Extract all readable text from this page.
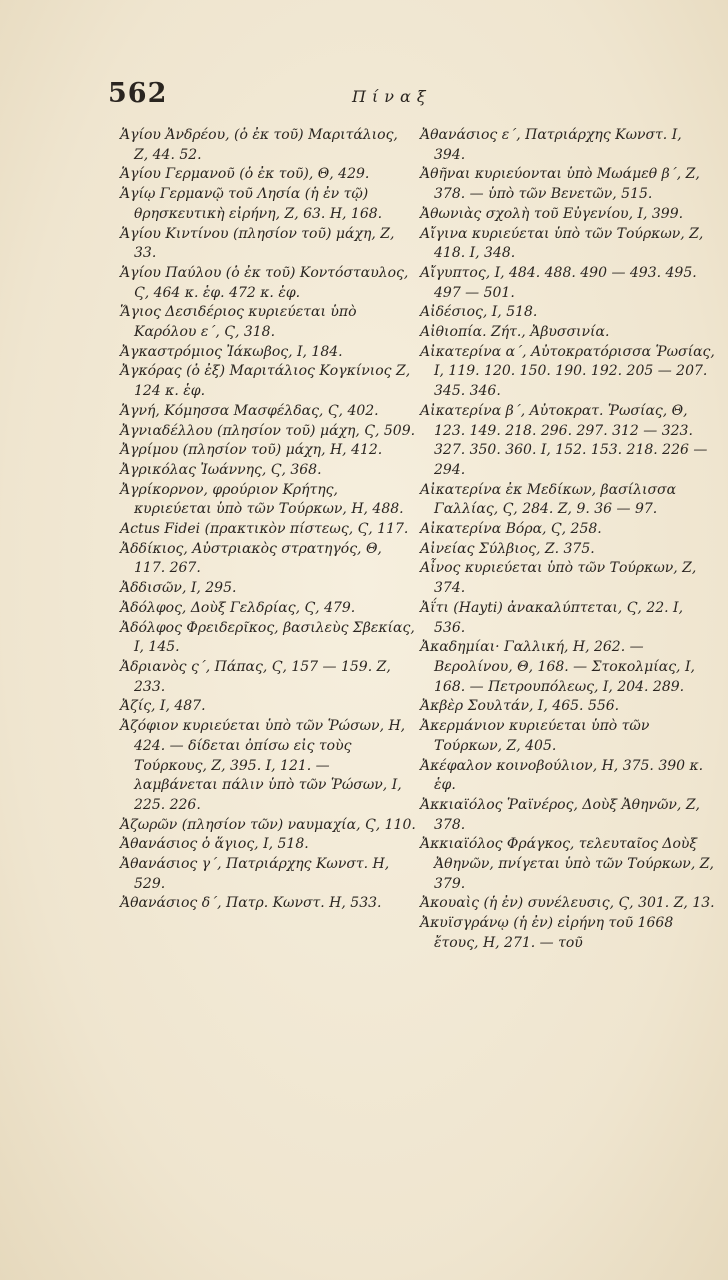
562	Πίναξ
Ἁγίου Ἀνδρέου, (ὁ ἐκ τοῦ) Μαριτάλιος, Ζ, 44. 52.
Ἁγίου Γερμανοῦ (ὁ ἐκ τοῦ), Θ, 429.
Ἁγίῳ Γερμανῷ τοῦ Λησία (ἡ ἐν τῷ) θρησκευτικὴ εἰρήνη, Ζ, 63. Η, 168.
Ἁγίου Κιντίνου (πλησίον τοῦ) μάχη, Ζ, 33.
Ἁγίου Παύλου (ὁ ἐκ τοῦ) Κοντόσταυλος, Ϛ, 464 κ. ἑφ. 472 κ. ἑφ.
Ἅγιος Δεσιδέριος κυριεύεται ὑπὸ Καρόλου ε΄, Ϛ, 318.
Ἀγκαστρόμιος Ἰάκωβος, Ι, 184.
Ἀγκόρας (ὁ ἐξ) Μαριτάλιος Κογκίνιος Ζ, 124 κ. ἑφ.
Ἁγνή, Κόμησσα Μασφέλδας, Ϛ, 402.
Ἀγνιαδέλλου (πλησίον τοῦ) μάχη, Ϛ, 509.
Ἀγρίμου (πλησίον τοῦ) μάχη, Η, 412.
Ἀγρικόλας Ἰωάννης, Ϛ, 368.
Ἀγρίκορνον, φρούριον Κρήτης, κυριεύεται ὑπὸ τῶν Τούρκων, Η, 488.
Actus Fidei (πρακτικὸν πίστεως, Ϛ, 117.
Ἀδδίκιος, Αὐστριακὸς στρατηγός, Θ, 117. 267.
Ἀδδισῶν, Ι, 295.
Ἀδόλφος, Δοὺξ Γελδρίας, Ϛ, 479.
Ἀδόλφος Φρειδερῖκος, βασιλεὺς Σβεκίας, Ι, 145.
Ἀδριανὸς ς΄, Πάπας, Ϛ, 157 — 159. Ζ, 233.
Ἀζίς, Ι, 487.
Ἀζόφιον κυριεύεται ὑπὸ τῶν Ῥώσων, Η, 424. — δίδεται ὀπίσω εἰς τοὺς Τούρκους, Ζ, 395. Ι, 121. — λαμβάνεται πάλιν ὑπὸ τῶν Ῥώσων, Ι, 225. 226.
Ἀζωρῶν (πλησίον τῶν) ναυμαχία, Ϛ, 110.
Ἀθανάσιος ὁ ἅγιος, Ι, 518.
Ἀθανάσιος γ΄, Πατριάρχης Κωνστ. Η, 529.
Ἀθανάσιος δ΄, Πατρ. Κωνστ. Η, 533.
Ἀθανάσιος ε΄, Πατριάρχης Κωνστ. Ι, 394.
Ἀθῆναι κυριεύονται ὑπὸ Μωάμεθ β΄, Ζ, 378. — ὑπὸ τῶν Βενετῶν, 515.
Ἀθωνιὰς σχολὴ τοῦ Εὐγενίου, Ι, 399.
Αἴγινα κυριεύεται ὑπὸ τῶν Τούρκων, Ζ, 418. Ι, 348.
Αἴγυπτος, Ι, 484. 488. 490 — 493. 495. 497 — 501.
Αἰδέσιος, Ι, 518.
Αἰθιοπία. Ζήτ., Ἀβυσσινία.
Αἰκατερίνα α΄, Αὐτοκρατόρισσα Ῥωσίας, Ι, 119. 120. 150. 190. 192. 205 — 207. 345. 346.
Αἰκατερίνα β΄, Αὐτοκρατ. Ῥωσίας, Θ, 123. 149. 218. 296. 297. 312 — 323. 327. 350. 360. Ι, 152. 153. 218. 226 — 294.
Αἰκατερίνα ἐκ Μεδίκων, βασίλισσα Γαλλίας, Ϛ, 284. Ζ, 9. 36 — 97.
Αἰκατερίνα Βόρα, Ϛ, 258.
Αἰνείας Σύλβιος, Ζ. 375.
Αἶνος κυριεύεται ὑπὸ τῶν Τούρκων, Ζ, 374.
Ἀΐτι (Hayti) ἀνακαλύπτεται, Ϛ, 22. Ι, 536.
Ἀκαδημίαι· Γαλλική, Η, 262. — Βερολίνου, Θ, 168. — Στοκολμίας, Ι, 168. — Πετρουπόλεως, Ι, 204. 289.
Ἀκβὲρ Σουλτάν, Ι, 465. 556.
Ἀκερμάνιον κυριεύεται ὑπὸ τῶν Τούρκων, Ζ, 405.
Ἀκέφαλον κοινοβούλιον, Η, 375. 390 κ. ἑφ.
Ἀκκιαϊόλος Ῥαϊνέρος, Δοὺξ Ἀθηνῶν, Ζ, 378.
Ἀκκιαϊόλος Φράγκος, τελευταῖος Δοὺξ Ἀθηνῶν, πνίγεται ὑπὸ τῶν Τούρκων, Ζ, 379.
Ἀκουαὶς (ἡ ἐν) συνέλευσις, Ϛ, 301. Ζ, 13.
Ἀκυϊσγράνῳ (ἡ ἐν) εἰρήνη τοῦ 1668 ἔτους, Η, 271. — τοῦ
